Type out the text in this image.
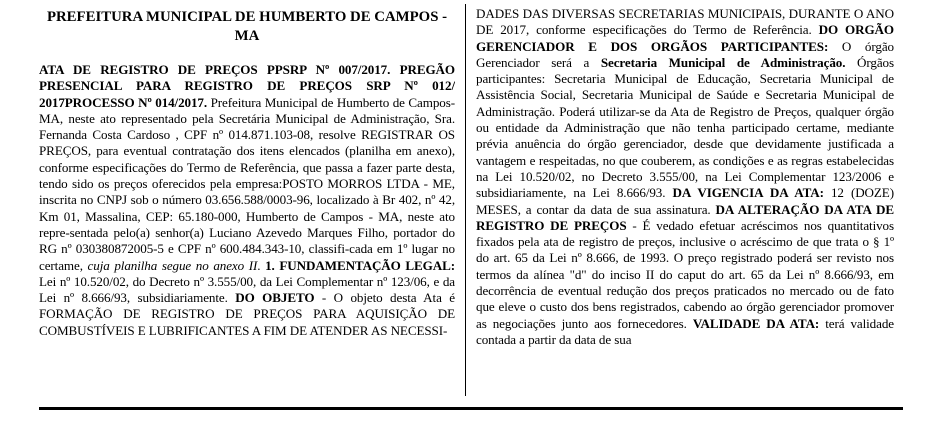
PREFEITURA MUNICIPAL DE HUMBERTO DE CAMPOS - MA

ATA DE REGISTRO DE PREÇOS PPSRP Nº 007/2017. PREGÃO PRESENCIAL PARA REGISTRO DE PREÇOS SRP Nº 012/ 2017PROCESSO Nº 014/2017. Prefeitura Municipal de Humberto de Campos-MA, neste ato representado pela Secretária Municipal de Administração, Sra. Fernanda Costa Cardoso , CPF nº 014.871.103-08, resolve REGISTRAR OS PREÇOS, para eventual contratação dos itens elencados (planilha em anexo), conforme especificações do Termo de Referência, que passa a fazer parte desta, tendo sido os preços oferecidos pela empresa:POSTO MORROS LTDA - ME, inscrita no CNPJ sob o número 03.656.588/0003-96, localizado à Br 402, nº 42, Km 01, Massalina, CEP: 65.180-000, Humberto de Campos - MA, neste ato repre-sentada pelo(a) senhor(a) Luciano Azevedo Marques Filho, portador do RG nº 030380872005-5 e CPF nº 600.484.343-10, classifi-cada em 1º lugar no certame, cuja planilha segue no anexo II. 1. FUNDAMENTAÇÃO LEGAL: Lei nº 10.520/02, do Decreto nº 3.555/00, da Lei Complementar nº 123/06, e da Lei nº 8.666/93, subsidiariamente. DO OBJETO - O objeto desta Ata é FORMAÇÃO DE REGISTRO DE PREÇOS PARA AQUISIÇÃO DE COMBUSTÍVEIS E LUBRIFICANTES A FIM DE ATENDER AS NECESSI-

DADES DAS DIVERSAS SECRETARIAS MUNICIPAIS, DURANTE O ANO DE 2017, conforme especificações do Termo de Referência. DO ORGÃO GERENCIADOR E DOS ORGÃOS PARTICIPANTES: O órgão Gerenciador será a Secretaria Municipal de Administração. Órgãos participantes: Secretaria Municipal de Educação, Secretaria Municipal de Assistência Social, Secretaria Municipal de Saúde e Secretaria Municipal de Administração. Poderá utilizar-se da Ata de Registro de Preços, qualquer órgão ou entidade da Administração que não tenha participado certame, mediante prévia anuência do órgão gerenciador, desde que devidamente justificada a vantagem e respeitadas, no que couberem, as condições e as regras estabelecidas na Lei 10.520/02, no Decreto 3.555/00, na Lei Complementar 123/2006 e subsidiariamente, na Lei 8.666/93. DA VIGENCIA DA ATA: 12 (DOZE) MESES, a contar da data de sua assinatura. DA ALTERAÇÃO DA ATA DE REGISTRO DE PREÇOS - É vedado efetuar acréscimos nos quantitativos fixados pela ata de registro de preços, inclusive o acréscimo de que trata o § 1º do art. 65 da Lei nº 8.666, de 1993. O preço registrado poderá ser revisto nos termos da alínea "d" do inciso II do caput do art. 65 da Lei nº 8.666/93, em decorrência de eventual redução dos preços praticados no mercado ou de fato que eleve o custo dos bens registrados, cabendo ao órgão gerenciador promover as negociações junto aos fornecedores. VALIDADE DA ATA: terá validade contada a partir da data de sua
